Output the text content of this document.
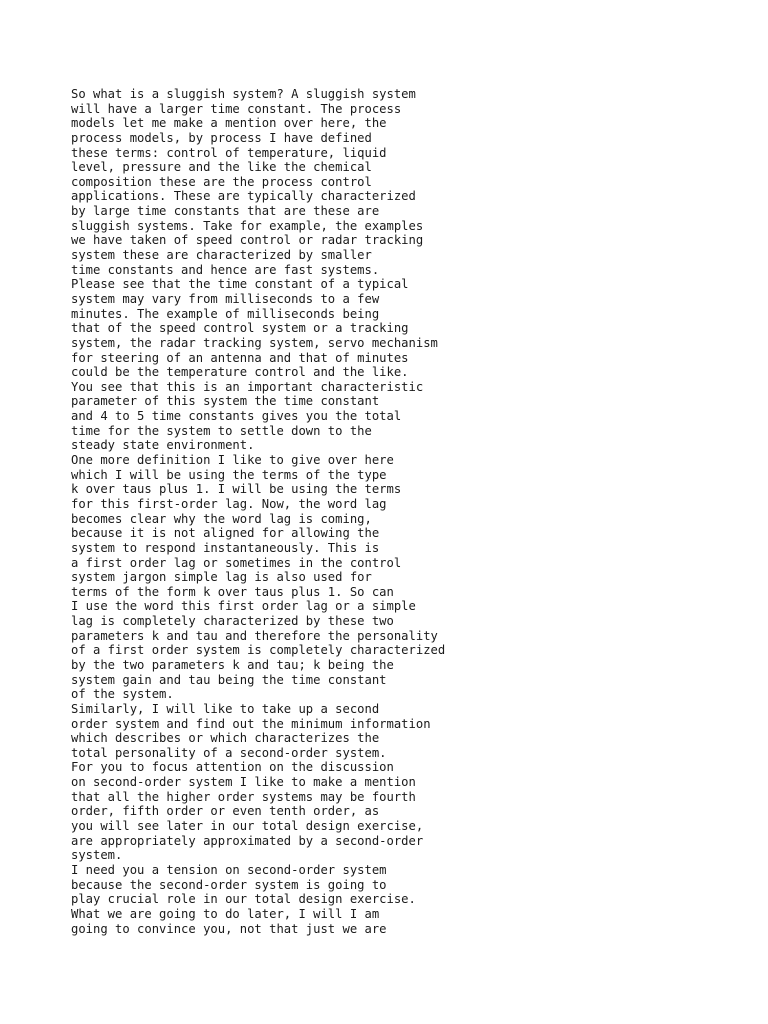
So what is a sluggish system? A sluggish system
will have a larger time constant. The process
models let me make a mention over here, the
process models, by process I have defined
these terms: control of temperature, liquid
level, pressure and the like the chemical
composition these are the process control
applications. These are typically characterized
by large time constants that are these are
sluggish systems. Take for example, the examples
we have taken of speed control or radar tracking
system these are characterized by smaller
time constants and hence are fast systems.
Please see that the time constant of a typical
system may vary from milliseconds to a few
minutes. The example of milliseconds being
that of the speed control system or a tracking
system, the radar tracking system, servo mechanism
for steering of an antenna and that of minutes
could be the temperature control and the like.
You see that this is an important characteristic
parameter of this system the time constant
and 4 to 5 time constants gives you the total
time for the system to settle down to the
steady state environment.
One more definition I like to give over here
which I will be using the terms of the type
k over taus plus 1. I will be using the terms
for this first-order lag. Now, the word lag
becomes clear why the word lag is coming,
because it is not aligned for allowing the
system to respond instantaneously. This is
a first order lag or sometimes in the control
system jargon simple lag is also used for
terms of the form k over taus plus 1. So can
I use the word this first order lag or a simple
lag is completely characterized by these two
parameters k and tau and therefore the personality
of a first order system is completely characterized
by the two parameters k and tau; k being the
system gain and tau being the time constant
of the system.
Similarly, I will like to take up a second
order system and find out the minimum information
which describes or which characterizes the
total personality of a second-order system.
For you to focus attention on the discussion
on second-order system I like to make a mention
that all the higher order systems may be fourth
order, fifth order or even tenth order, as
you will see later in our total design exercise,
are appropriately approximated by a second-order
system.
I need you a tension on second-order system
because the second-order system is going to
play crucial role in our total design exercise.
What we are going to do later, I will I am
going to convince you, not that just we are
